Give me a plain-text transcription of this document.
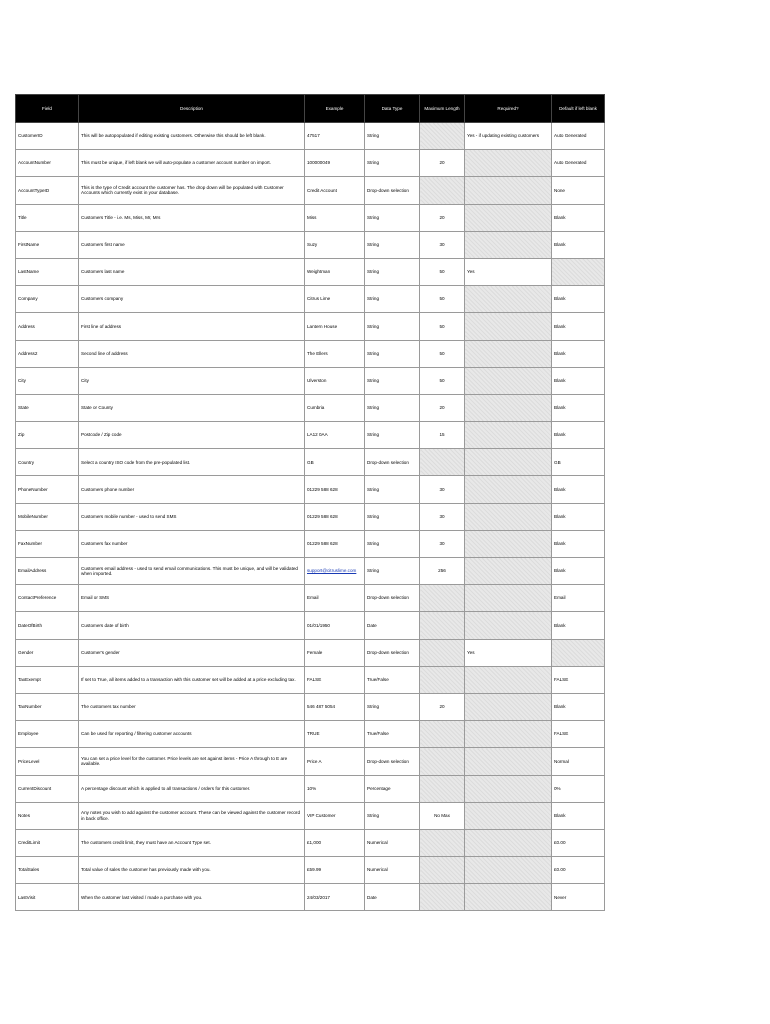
Field	Description	Example	Data Type	Maximum Length	Required?	Default if left blank
CustomerID	This will be autopopulated if editing existing customers. Otherwise this should be left blank.	47517	String		Yes - if updating existing customers	Auto Generated
AccountNumber	This must be unique, if left blank we will auto-populate a customer account number on import.	100000049	String	20		Auto Generated
AccountTypeID	This is the type of Credit account the customer has. The drop down will be populated with Customer Accounts which currently exist in your database.	Credit Account	Drop-down selection			None
Title	Customers Title - i.e. Ms, Miss, Mr, Mrs	Miss	String	20		Blank
FirstName	Customers first name	Suzy	String	30		Blank
LastName	Customers last name	Weightman	String	50	Yes	
Company	Customers company	Citrus Lime	String	50		Blank
Address	First line of address	Lantern House	String	50		Blank
Address2	Second line of address	The Ellers	String	50		Blank
City	City	Ulverston	String	50		Blank
State	State or County	Cumbria	String	20		Blank
Zip	Postcode / Zip code	LA12 0AA	String	15		Blank
Country	Select a country ISO code from the pre-populated list.	GB	Drop-down selection			GB
PhoneNumber	Customers phone number	01229 588 628	String	30		Blank
MobileNumber	Customers mobile number - used to send SMS	01229 588 628	String	30		Blank
FaxNumber	Customers fax number	01229 588 628	String	30		Blank
EmailAddress	Customers email address - used to send email communications. This must be unique, and will be validated when imported.	support@citruslime.com	String	256		Blank
ContactPreference	Email or SMS	Email	Drop-down selection			Email
DateOfBirth	Customers date of birth	01/01/1950	Date			Blank
Gender	Customer's gender	Female	Drop-down selection		Yes	
TaxExempt	If set to True, all items added to a transaction with this customer set will be added at a price excluding tax.	FALSE	True/False			FALSE
TaxNumber	The customers tax number	546 487 5054	String	20		Blank
Employee	Can be used for reporting / filtering customer accounts	TRUE	True/False			FALSE
PriceLevel	You can set a price level for the customer. Price levels are set against items - Price A through to E are available.	Price A	Drop-down selection			Normal
CurrentDiscount	A percentage discount which is applied to all transactions / orders for this customer.	10%	Percentage			0%
Notes	Any notes you wish to add against the customer account. These can be viewed against the customer record in back office.	VIP Customer	String	No Max		Blank
CreditLimit	The customers credit limit, they must have an Account Type set.	£1,000	Numerical			£0.00
TotalSales	Total value of sales the customer has previously made with you.	£59.99	Numerical			£0.00
LastVisit	When the customer last visited / made a purchase with you.	24/03/2017	Date			Never
